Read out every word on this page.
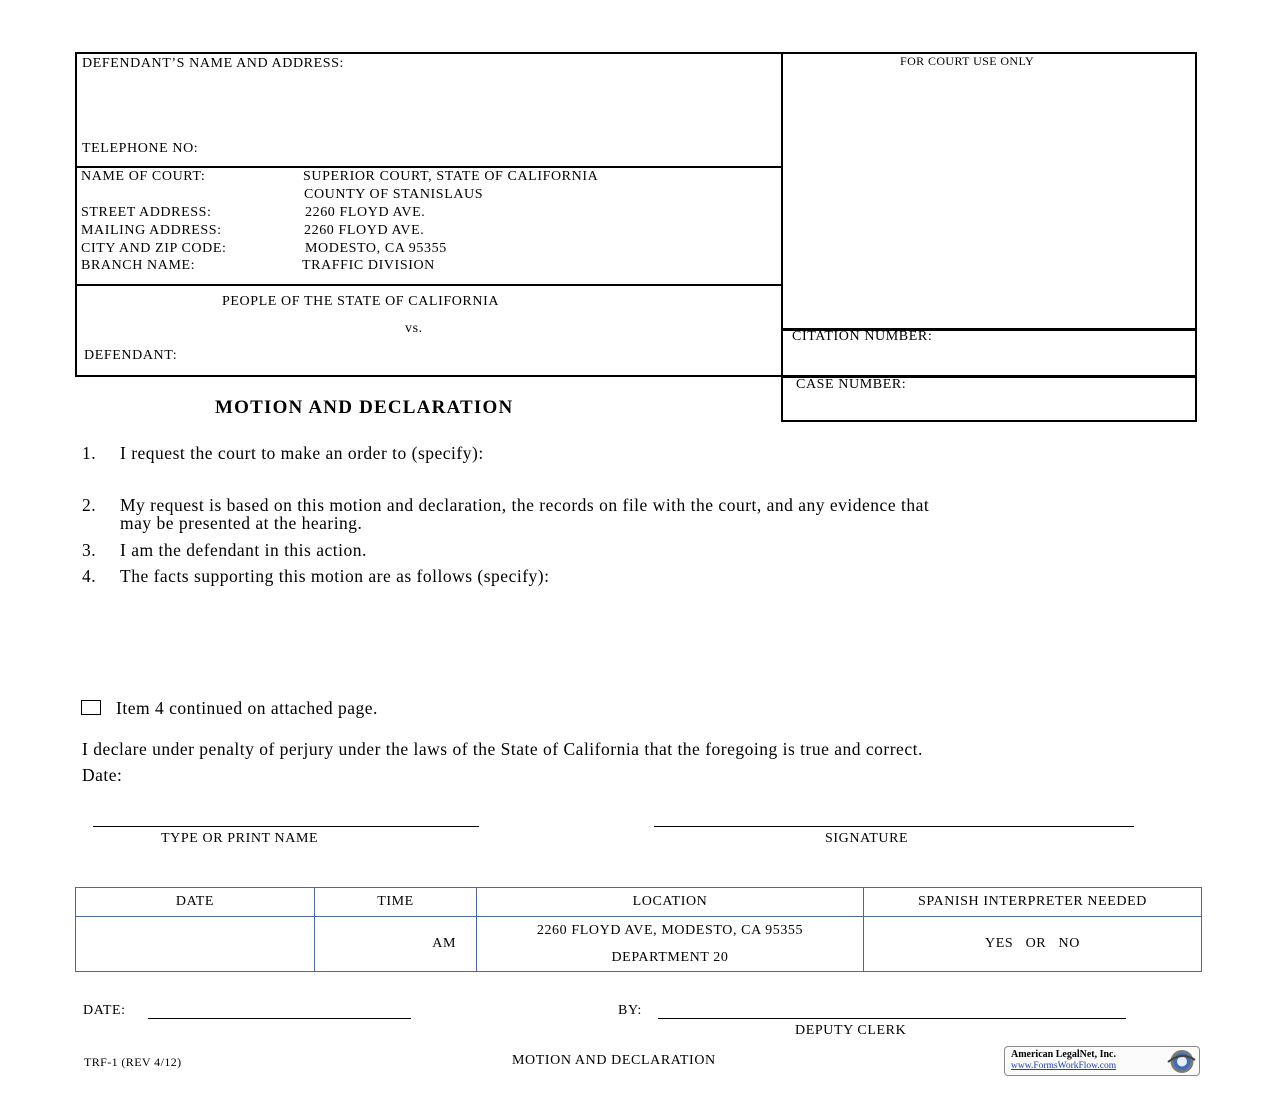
DEFENDANT’S NAME AND ADDRESS:
TELEPHONE NO:
NAME OF COURT:	SUPERIOR COURT, STATE OF CALIFORNIA
COUNTY OF STANISLAUS
STREET ADDRESS:	2260 FLOYD AVE.
MAILING ADDRESS:	2260 FLOYD AVE.
CITY AND ZIP CODE:	MODESTO, CA 95355
BRANCH NAME:	TRAFFIC DIVISION
PEOPLE OF THE STATE OF CALIFORNIA
vs.
DEFENDANT:
FOR COURT USE ONLY
CITATION NUMBER:
CASE NUMBER:
MOTION AND DECLARATION
1. I request the court to make an order to (specify):
2. My request is based on this motion and declaration, the records on file with the court, and any evidence that
may be presented at the hearing.
3. I am the defendant in this action.
4. The facts supporting this motion are as follows (specify):
Item 4 continued on attached page.
I declare under penalty of perjury under the laws of the State of California that the foregoing is true and correct.
Date:
TYPE OR PRINT NAME	SIGNATURE
DATE	TIME	LOCATION	SPANISH INTERPRETER NEEDED
	AM	2260 FLOYD AVE, MODESTO, CA 95355
DEPARTMENT 20	YES OR NO
DATE:	BY:
DEPUTY CLERK
TRF-1 (REV 4/12)	MOTION AND DECLARATION	American LegalNet, Inc.
www.FormsWorkFlow.com
